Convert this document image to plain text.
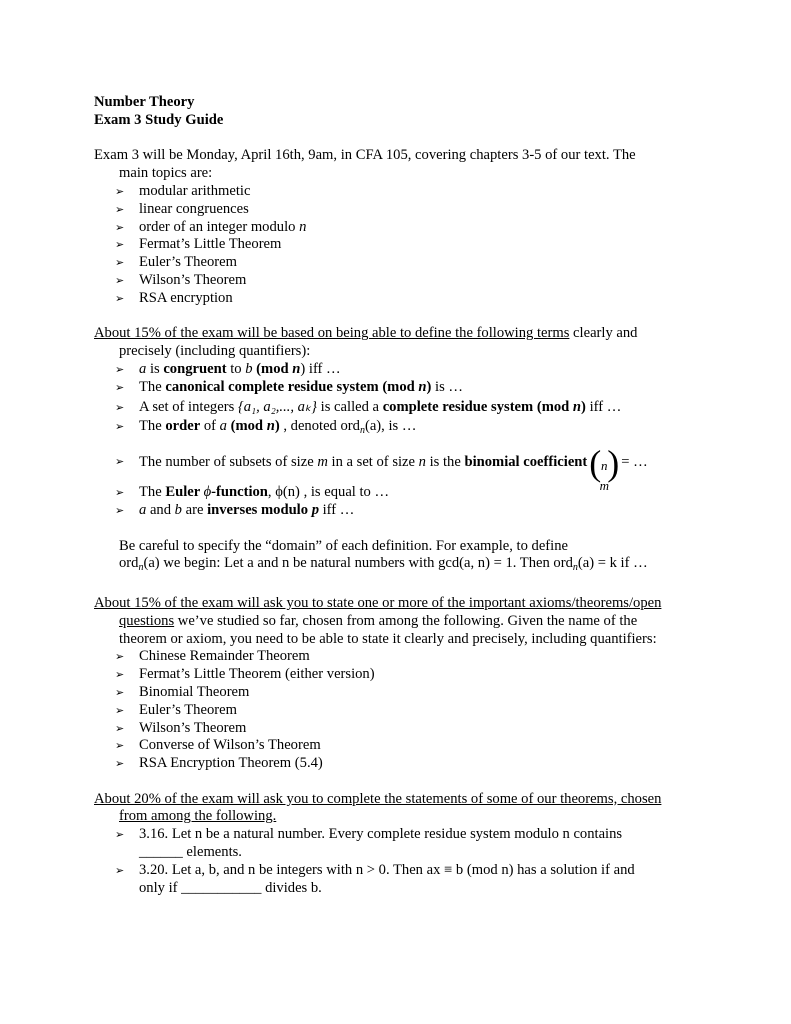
Number Theory

Exam 3 Study Guide

Exam 3 will be Monday, April 16th, 9am, in CFA 105, covering chapters 3-5 of our text. The

main topics are:

➢ modular arithmetic
➢ linear congruences
➢ order of an integer modulo n
➢ Fermat’s Little Theorem
➢ Euler’s Theorem
➢ Wilson’s Theorem
➢ RSA encryption

About 15% of the exam will be based on being able to define the following terms clearly and

precisely (including quantifiers):

➢ a is congruent to b (mod n) iff …
➢ The canonical complete residue system (mod n) is …
➢ A set of integers {a₁, a₂,..., aₖ} is called a complete residue system (mod n) iff …
➢ The order of a (mod n) , denoted ord$_n$(a), is …
➢ The number of subsets of size m in a set of size n is the binomial coefficient ( n
m
) = …
➢ The Euler ϕ-function, ϕ(n) , is equal to …
➢ a and b are inverses modulo p iff …

Be careful to specify the “domain” of each definition. For example, to define

ord$_n$(a) we begin: Let a and n be natural numbers with gcd(a, n) = 1. Then ord$_n$(a) = k if …

About 15% of the exam will ask you to state one or more of the important axioms/theorems/open

questions we’ve studied so far, chosen from among the following. Given the name of the

theorem or axiom, you need to be able to state it clearly and precisely, including quantifiers:

➢ Chinese Remainder Theorem
➢ Fermat’s Little Theorem (either version)
➢ Binomial Theorem
➢ Euler’s Theorem
➢ Wilson’s Theorem
➢ Converse of Wilson’s Theorem
➢ RSA Encryption Theorem (5.4)

About 20% of the exam will ask you to complete the statements of some of our theorems, chosen

from among the following.

➢ 3.16. Let n be a natural number. Every complete residue system modulo n contains
______ elements.
➢ 3.20. Let a, b, and n be integers with n > 0. Then ax ≡ b (mod n) has a solution if and
only if ___________ divides b.
